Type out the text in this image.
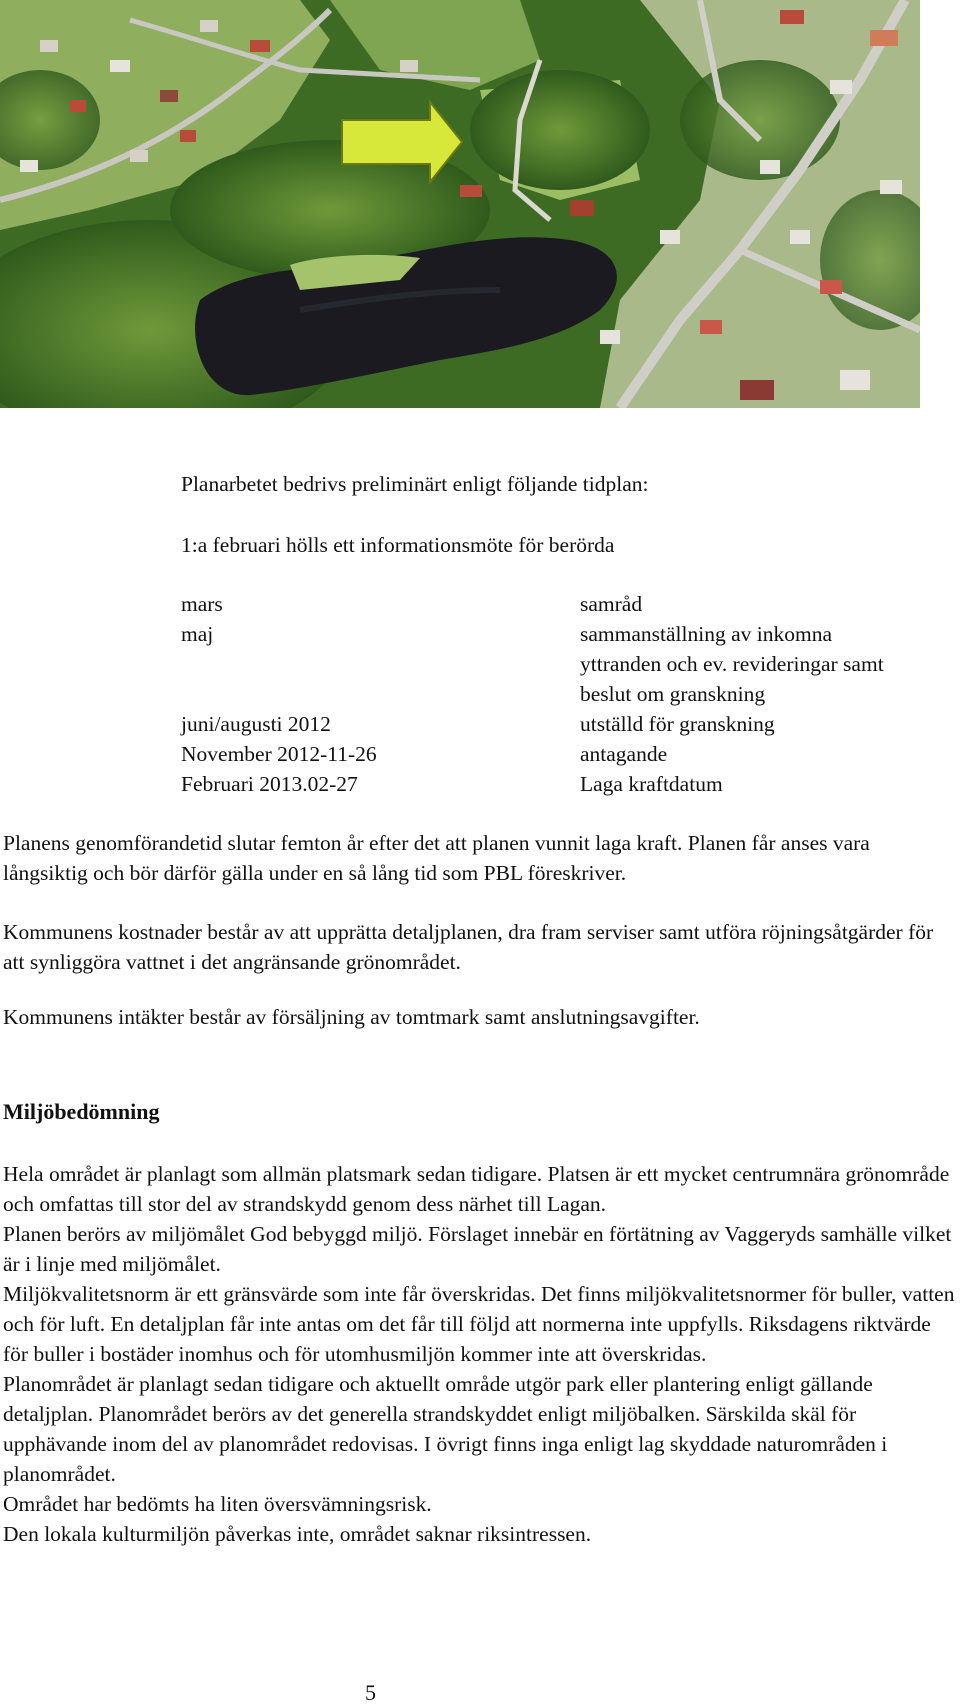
Planarbetet bedrivs preliminärt enligt följande tidplan:
1:a februari hölls ett informationsmöte för berörda
mars	samråd
maj	sammanställning av inkomna
yttranden och ev. revideringar samt
beslut om granskning
juni/augusti 2012	utställd för granskning
November 2012-11-26	antagande
Februari 2013.02-27	Laga kraftdatum

Planens genomförandetid slutar femton år efter det att planen vunnit laga kraft. Planen får anses vara långsiktig och bör därför gälla under en så lång tid som PBL föreskriver.

Kommunens kostnader består av att upprätta detaljplanen, dra fram serviser samt utföra röjningsåtgärder för att synliggöra vattnet i det angränsande grönområdet.

Kommunens intäkter består av försäljning av tomtmark samt anslutningsavgifter.

Miljöbedömning

Hela området är planlagt som allmän platsmark sedan tidigare. Platsen är ett mycket centrumnära grönområde och omfattas till stor del av strandskydd genom dess närhet till Lagan.

Planen berörs av miljömålet God bebyggd miljö. Förslaget innebär en förtätning av Vaggeryds samhälle vilket är i linje med miljömålet.

Miljökvalitetsnorm är ett gränsvärde som inte får överskridas. Det finns miljökvalitetsnormer för buller, vatten och för luft. En detaljplan får inte antas om det får till följd att normerna inte uppfylls. Riksdagens riktvärde för buller i bostäder inomhus och för utomhusmiljön kommer inte att överskridas.

Planområdet är planlagt sedan tidigare och aktuellt område utgör park eller plantering enligt gällande detaljplan. Planområdet berörs av det generella strandskyddet enligt miljöbalken. Särskilda skäl för upphävande inom del av planområdet redovisas. I övrigt finns inga enligt lag skyddade naturområden i planområdet.

Området har bedömts ha liten översvämningsrisk.

Den lokala kulturmiljön påverkas inte, området saknar riksintressen.

5
